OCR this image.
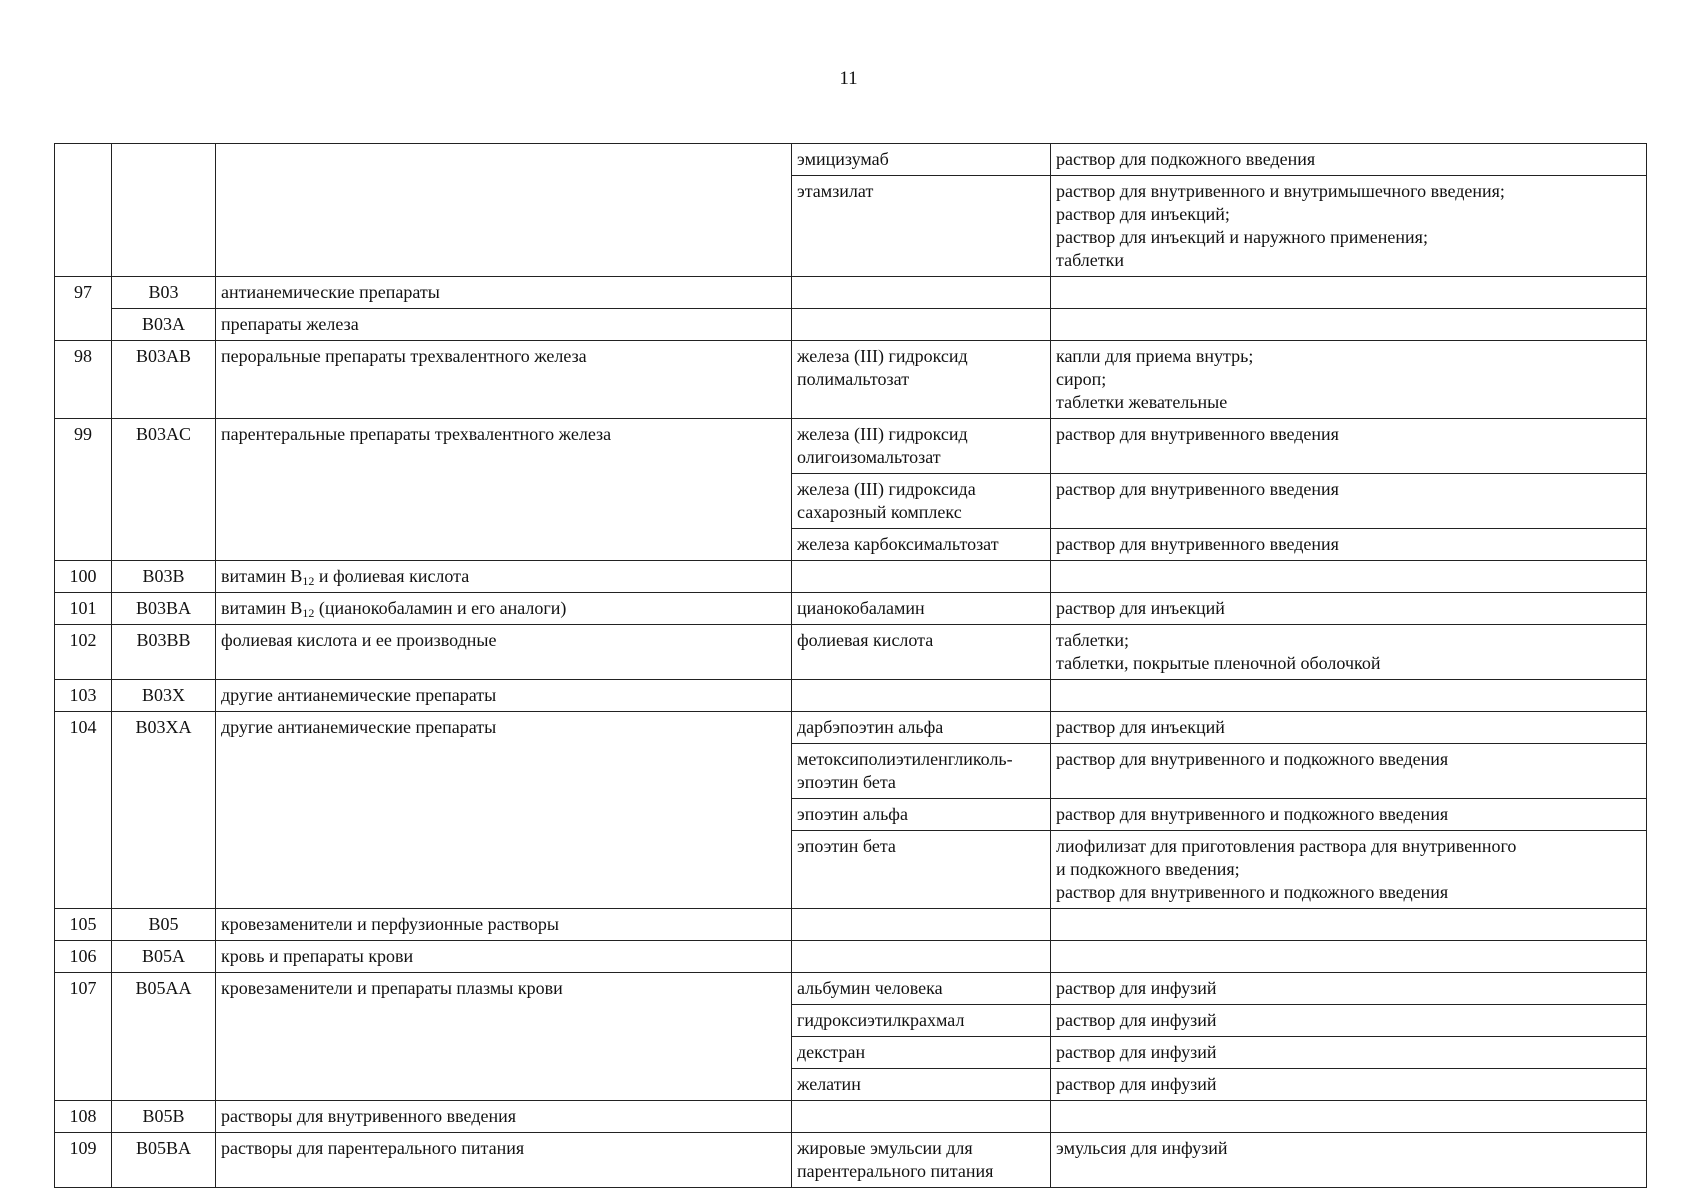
11

			эмицизумаб	раствор для подкожного введения

			этамзилат	раствор для внутривенного и внутримышечного введения;
раствор для инъекций;
раствор для инъекций и наружного применения;
таблетки

97	B03	антианемические препараты		
	B03A	препараты железа		
98	B03AB	пероральные препараты трехвалентного железа	железа (III) гидроксид
полимальтозат	капли для приема внутрь;
сироп;
таблетки жевательные

99	B03AC	парентеральные препараты трехвалентного железа	железа (III) гидроксид
олигоизомальтозат	раствор для внутривенного введения

			железа (III) гидроксида
сахарозный комплекс	раствор для внутривенного введения

			железа карбоксимальтозат	раствор для внутривенного введения

100	B03B	витамин $B_{12}$ и фолиевая кислота		
101	B03BA	витамин $B_{12}$ (цианокобаламин и его аналоги)	цианокобаламин	раствор для инъекций

102	B03BB	фолиевая кислота и ее производные	фолиевая кислота	таблетки;
таблетки, покрытые пленочной оболочкой

103	B03X	другие антианемические препараты		
104	B03XA	другие антианемические препараты	дарбэпоэтин альфа	раствор для инъекций

			метоксиполиэтиленгликоль-
эпоэтин бета	раствор для внутривенного и подкожного введения

			эпоэтин альфа	раствор для внутривенного и подкожного введения

			эпоэтин бета	лиофилизат для приготовления раствора для внутривенного
и подкожного введения;
раствор для внутривенного и подкожного введения

105	B05	кровезаменители и перфузионные растворы		
106	B05A	кровь и препараты крови		
107	B05AA	кровезаменители и препараты плазмы крови	альбумин человека	раствор для инфузий

			гидроксиэтилкрахмал	раствор для инфузий

			декстран	раствор для инфузий

			желатин	раствор для инфузий

108	B05B	растворы для внутривенного введения		
109	B05BA	растворы для парентерального питания	жировые эмульсии для
парентерального питания	эмульсия для инфузий
